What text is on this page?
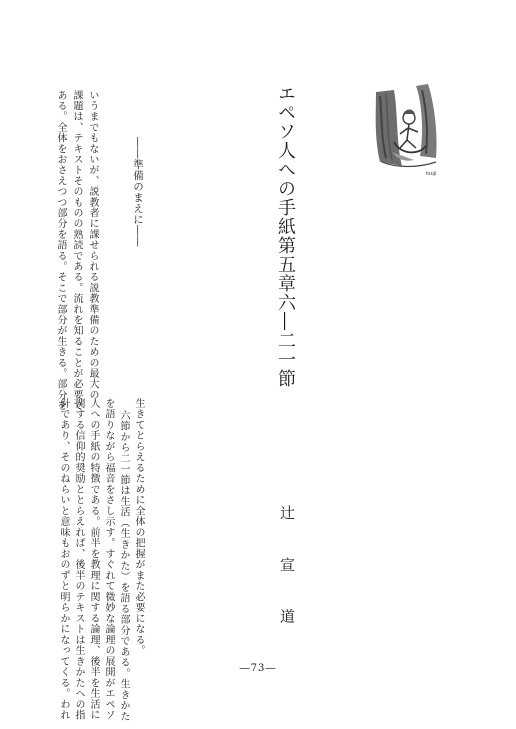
エペソ人への手紙第五章六―二一節	tsuji
辻 宣 道
――準備のまえに――
いうまでもないが、説教者に課せられる説教準備のための最大の
課題は、テキストそのものの熟読である。流れを知ることが必要で
ある。全体をおさえつつ部分を語る。そこで部分が生きる。部分を
生きてとらえるために全体の把握がまた必要になる。
六節から二一節は生活（生きかた）を語る部分である。生きかた
を語りながら福音をさし示す。すぐれて微妙な論理の展開がエペソ
人への手紙の特徴である。前半を教理に関する論理、後半を生活に
関する信仰的奨励ととらえれば、後半のテキストは生きかたへの指
針であり、そのねらいと意味もおのずと明らかになってくる。われ	―73―
